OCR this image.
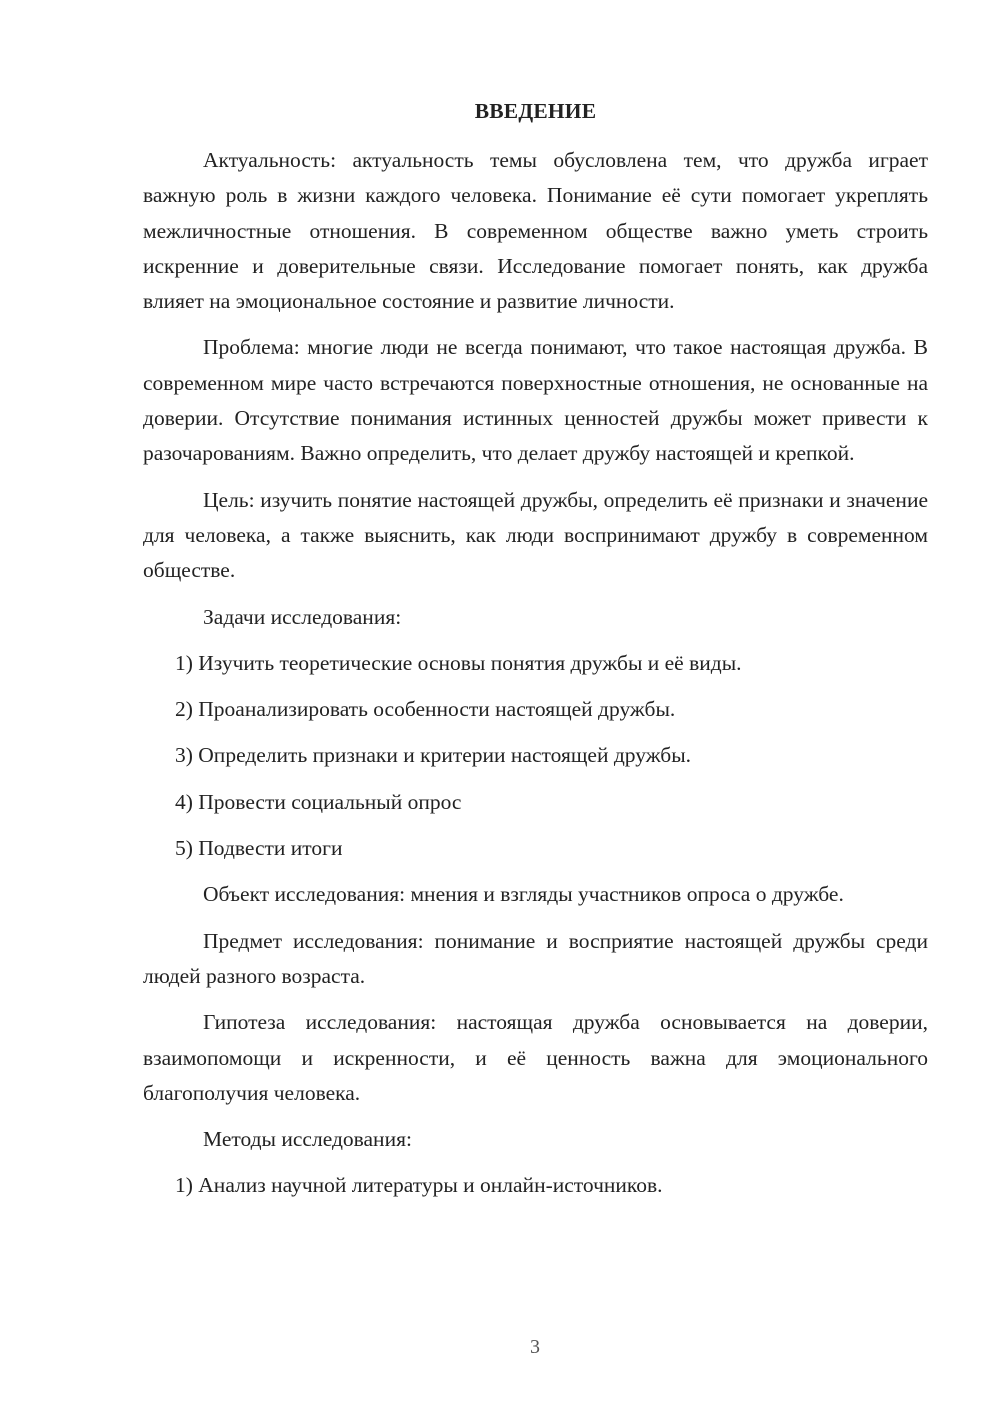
ВВЕДЕНИЕ

Актуальность: актуальность темы обусловлена тем, что дружба играет важную роль в жизни каждого человека. Понимание её сути помогает укреплять межличностные отношения. В современном обществе важно уметь строить искренние и доверительные связи. Исследование помогает понять, как дружба влияет на эмоциональное состояние и развитие личности.

Проблема: многие люди не всегда понимают, что такое настоящая дружба. В современном мире часто встречаются поверхностные отношения, не основанные на доверии. Отсутствие понимания истинных ценностей дружбы может привести к разочарованиям. Важно определить, что делает дружбу настоящей и крепкой.

Цель: изучить понятие настоящей дружбы, определить её признаки и значение для человека, а также выяснить, как люди воспринимают дружбу в современном обществе.

Задачи исследования:

1) Изучить теоретические основы понятия дружбы и её виды.

2) Проанализировать особенности настоящей дружбы.

3) Определить признаки и критерии настоящей дружбы.

4) Провести социальный опрос

5) Подвести итоги

Объект исследования: мнения и взгляды участников опроса о дружбе.

Предмет исследования: понимание и восприятие настоящей дружбы среди людей разного возраста.

Гипотеза исследования: настоящая дружба основывается на доверии, взаимопомощи и искренности, и её ценность важна для эмоционального благополучия человека.

Методы исследования:

1) Анализ научной литературы и онлайн-источников.

3
